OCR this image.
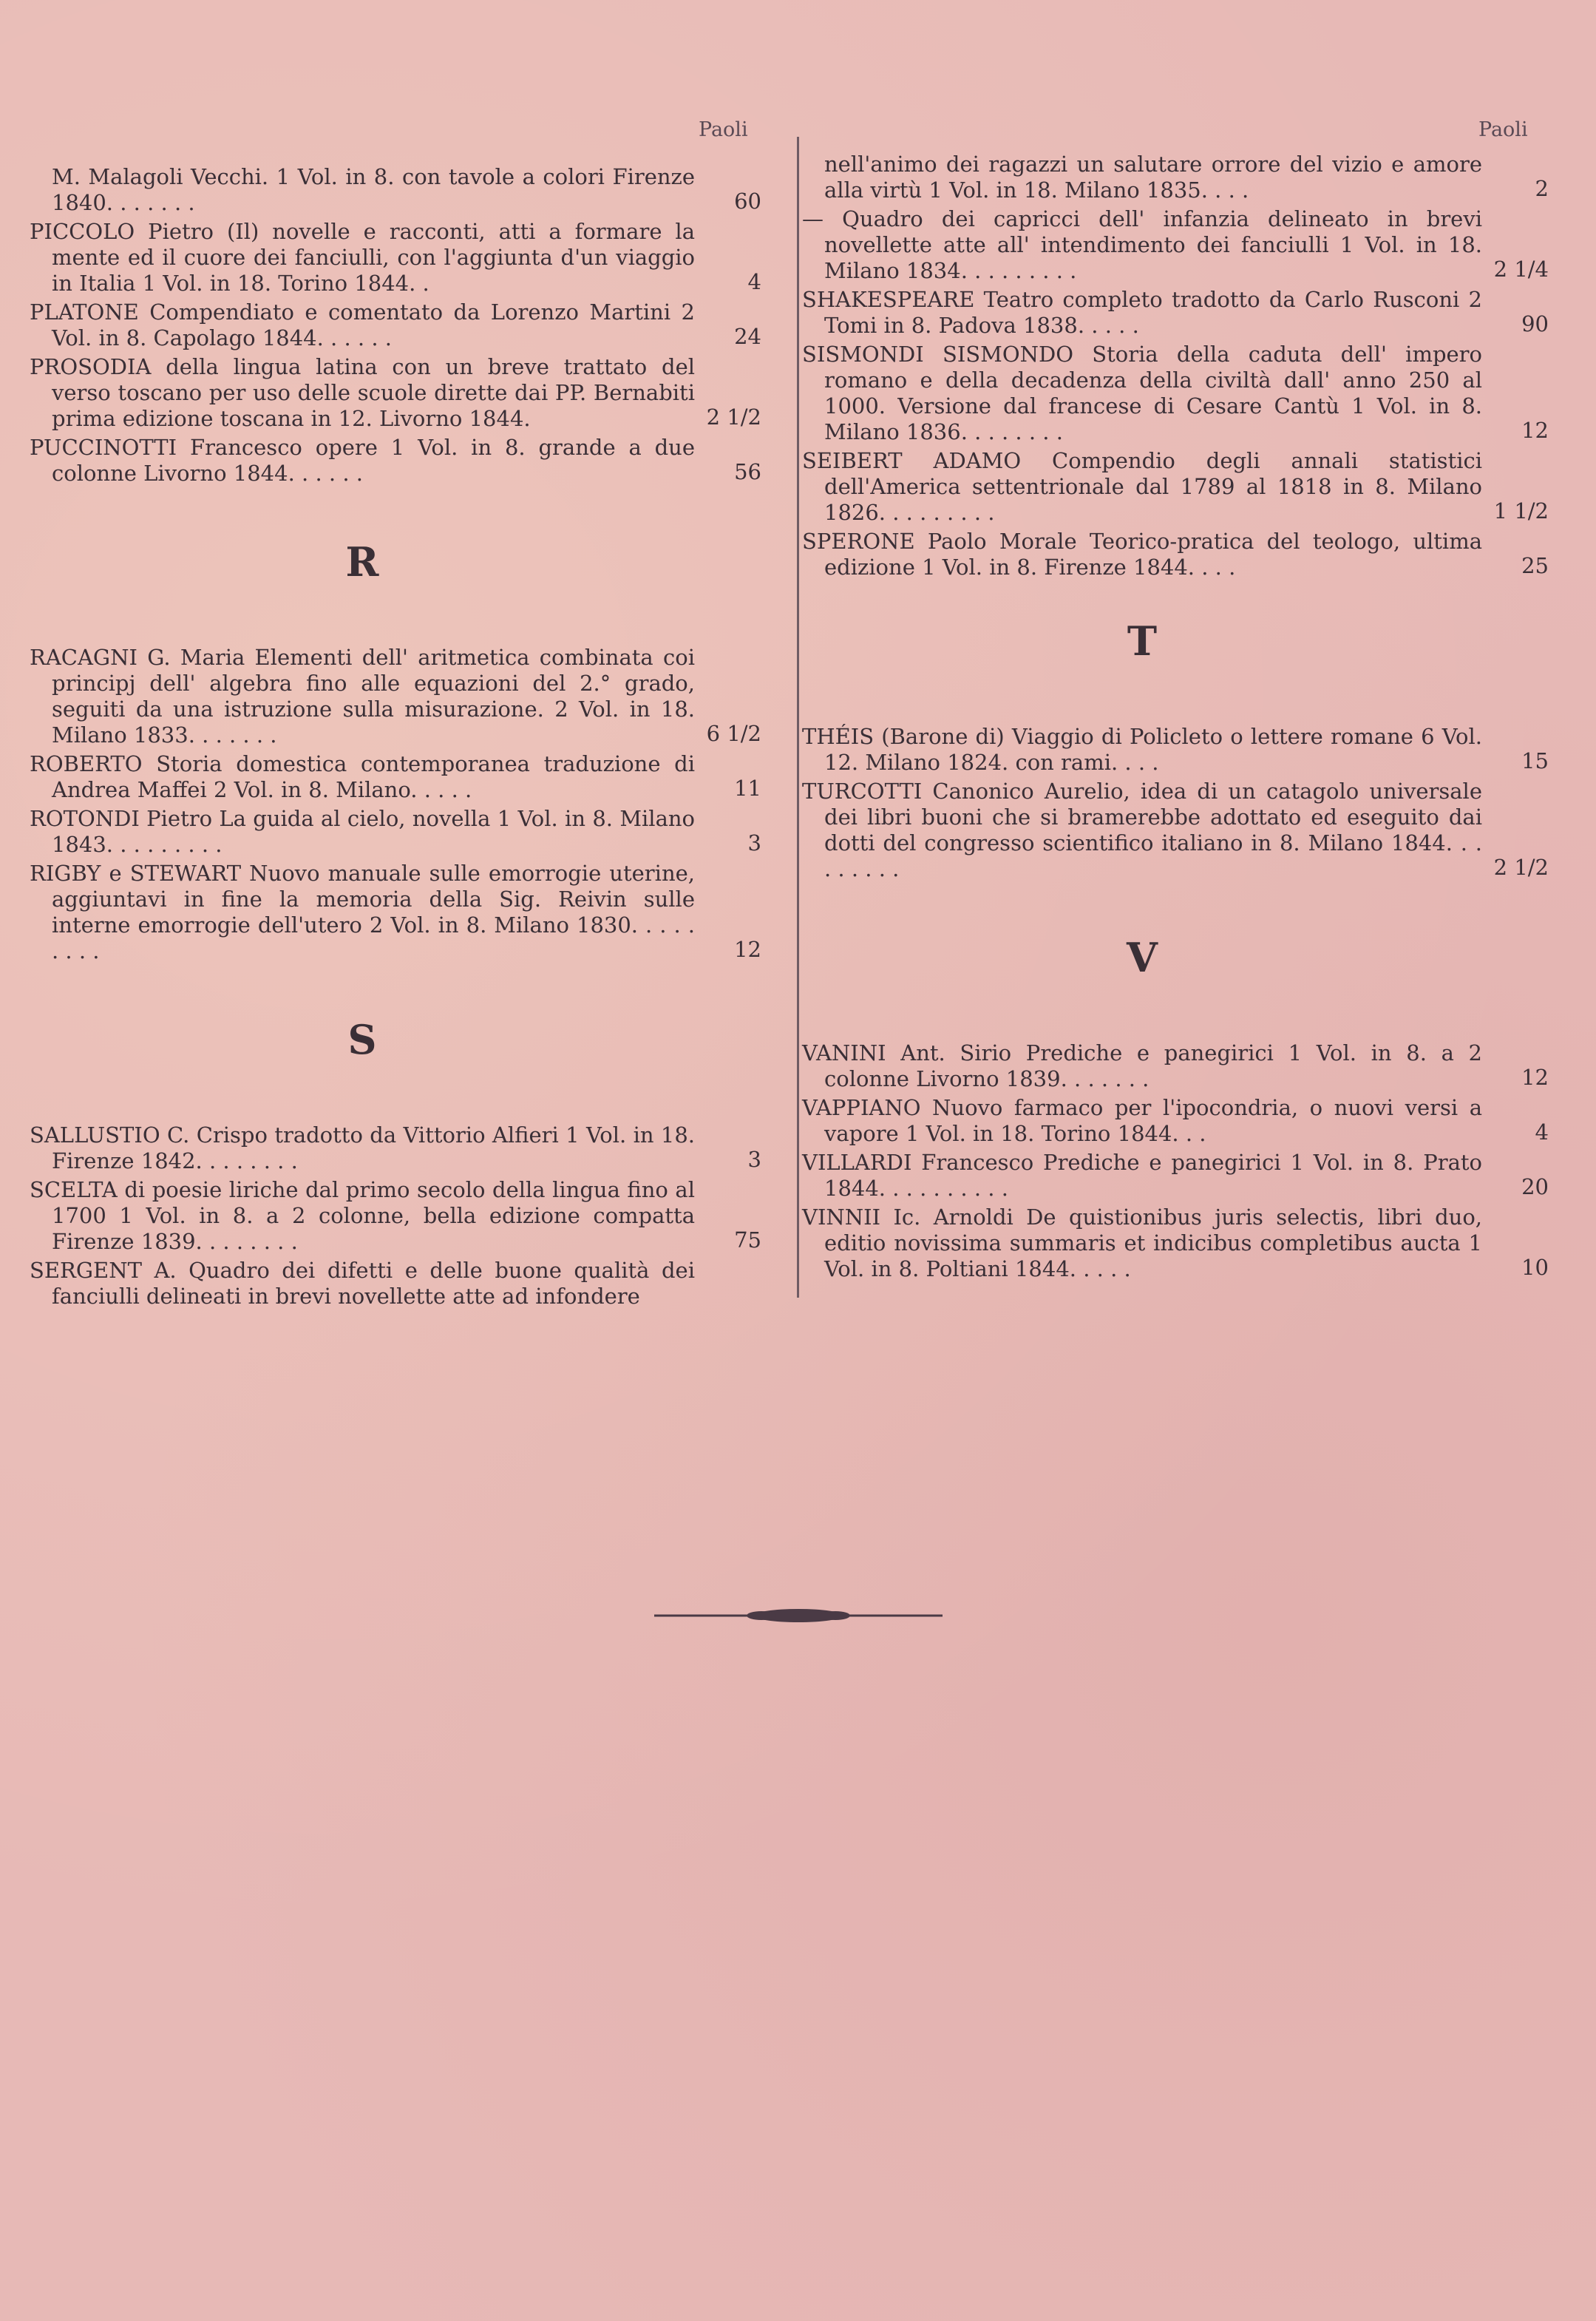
Paoli
M. Malagoli Vecchi. 1 Vol. in 8. con tavole a colori Firenze 1840. . . . . . .	60
PICCOLO Pietro (Il) novelle e racconti, atti a formare la mente ed il cuore dei fanciulli, con l'aggiunta d'un viaggio in Italia 1 Vol. in 18. Torino 1844. .	4
PLATONE Compendiato e comentato da Lorenzo Martini 2 Vol. in 8. Capolago 1844. . . . . .	24
PROSODIA della lingua latina con un breve trattato del verso toscano per uso delle scuole dirette dai PP. Bernabiti prima edizione toscana in 12. Livorno 1844.	2 1/2
PUCCINOTTI Francesco opere 1 Vol. in 8. grande a due colonne Livorno 1844. . . . . .	56
R
RACAGNI G. Maria Elementi dell' aritmetica combinata coi principj dell' algebra fino alle equazioni del 2.° grado, seguiti da una istruzione sulla misurazione. 2 Vol. in 18. Milano 1833. . . . . . .	6 1/2
ROBERTO Storia domestica contemporanea traduzione di Andrea Maffei 2 Vol. in 8. Milano. . . . .	11
ROTONDI Pietro La guida al cielo, novella 1 Vol. in 8. Milano 1843. . . . . . . . .	3
RIGBY e STEWART Nuovo manuale sulle emorrogie uterine, aggiuntavi in fine la memoria della Sig. Reivin sulle interne emorrogie dell'utero 2 Vol. in 8. Milano 1830. . . . . . . . .	12
S
SALLUSTIO C. Crispo tradotto da Vittorio Alfieri 1 Vol. in 18. Firenze 1842. . . . . . . .	3
SCELTA di poesie liriche dal primo secolo della lingua fino al 1700 1 Vol. in 8. a 2 colonne, bella edizione compatta Firenze 1839. . . . . . . .	75
SERGENT A. Quadro dei difetti e delle buone qualità dei fanciulli delineati in brevi novellette atte ad infondere
Paoli
nell'animo dei ragazzi un salutare orrore del vizio e amore alla virtù 1 Vol. in 18. Milano 1835. . . .	2
— Quadro dei capricci dell' infanzia delineato in brevi novellette atte all' intendimento dei fanciulli 1 Vol. in 18. Milano 1834. . . . . . . . .	2 1/4
SHAKESPEARE Teatro completo tradotto da Carlo Rusconi 2 Tomi in 8. Padova 1838. . . . .	90
SISMONDI SISMONDO Storia della caduta dell' impero romano e della decadenza della civiltà dall' anno 250 al 1000. Versione dal francese di Cesare Cantù 1 Vol. in 8. Milano 1836. . . . . . . .	12
SEIBERT ADAMO Compendio degli annali statistici dell'America settentrionale dal 1789 al 1818 in 8. Milano 1826. . . . . . . . .	1 1/2
SPERONE Paolo Morale Teorico-pratica del teologo, ultima edizione 1 Vol. in 8. Firenze 1844. . . .	25
T
THÉIS (Barone di) Viaggio di Policleto o lettere romane 6 Vol. 12. Milano 1824. con rami. . . .	15
TURCOTTI Canonico Aurelio, idea di un catagolo universale dei libri buoni che si bramerebbe adottato ed eseguito dai dotti del congresso scientifico italiano in 8. Milano 1844. . . . . . . . .	2 1/2
V
VANINI Ant. Sirio Prediche e panegirici 1 Vol. in 8. a 2 colonne Livorno 1839. . . . . . .	12
VAPPIANO Nuovo farmaco per l'ipocondria, o nuovi versi a vapore 1 Vol. in 18. Torino 1844. . .	4
VILLARDI Francesco Prediche e panegirici 1 Vol. in 8. Prato 1844. . . . . . . . . .	20
VINNII Ic. Arnoldi De quistionibus juris selectis, libri duo, editio novissima summaris et indicibus completibus aucta 1 Vol. in 8. Poltiani 1844. . . . .	10
